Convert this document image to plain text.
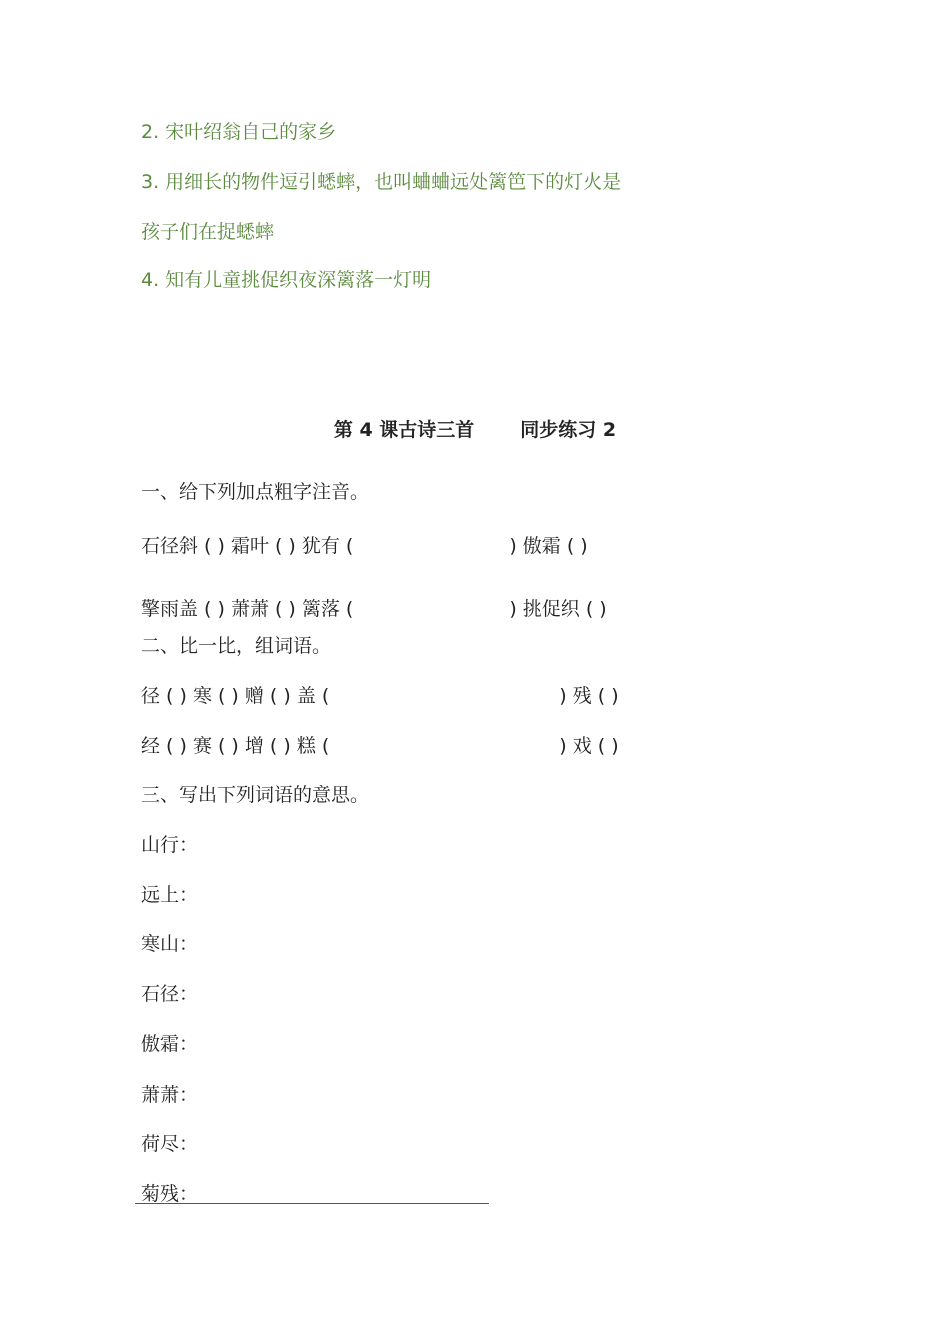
2. 宋叶绍翁自己的家乡
3. 用细长的物件逗引蟋蟀，也叫蛐蛐远处篱笆下的灯火是
孩子们在捉蟋蟀
4. 知有儿童挑促织夜深篱落一灯明
第 4 课古诗三首 同步练习 2
一、给下列加点粗字注音。
石径斜 ( ) 霜叶 ( ) 犹有 (	) 傲霜 ( )
擎雨盖 ( ) 萧萧 ( ) 篱落 (	) 挑促织 ( )
二、比一比，组词语。
径 ( ) 寒 ( ) 赠 ( ) 盖 (	) 残 ( )
经 ( ) 赛 ( ) 增 ( ) 糕 (	) 戏 ( )
三、写出下列词语的意思。
山行：
远上：
寒山：
石径：
傲霜：
萧萧：
荷尽：
菊残：
